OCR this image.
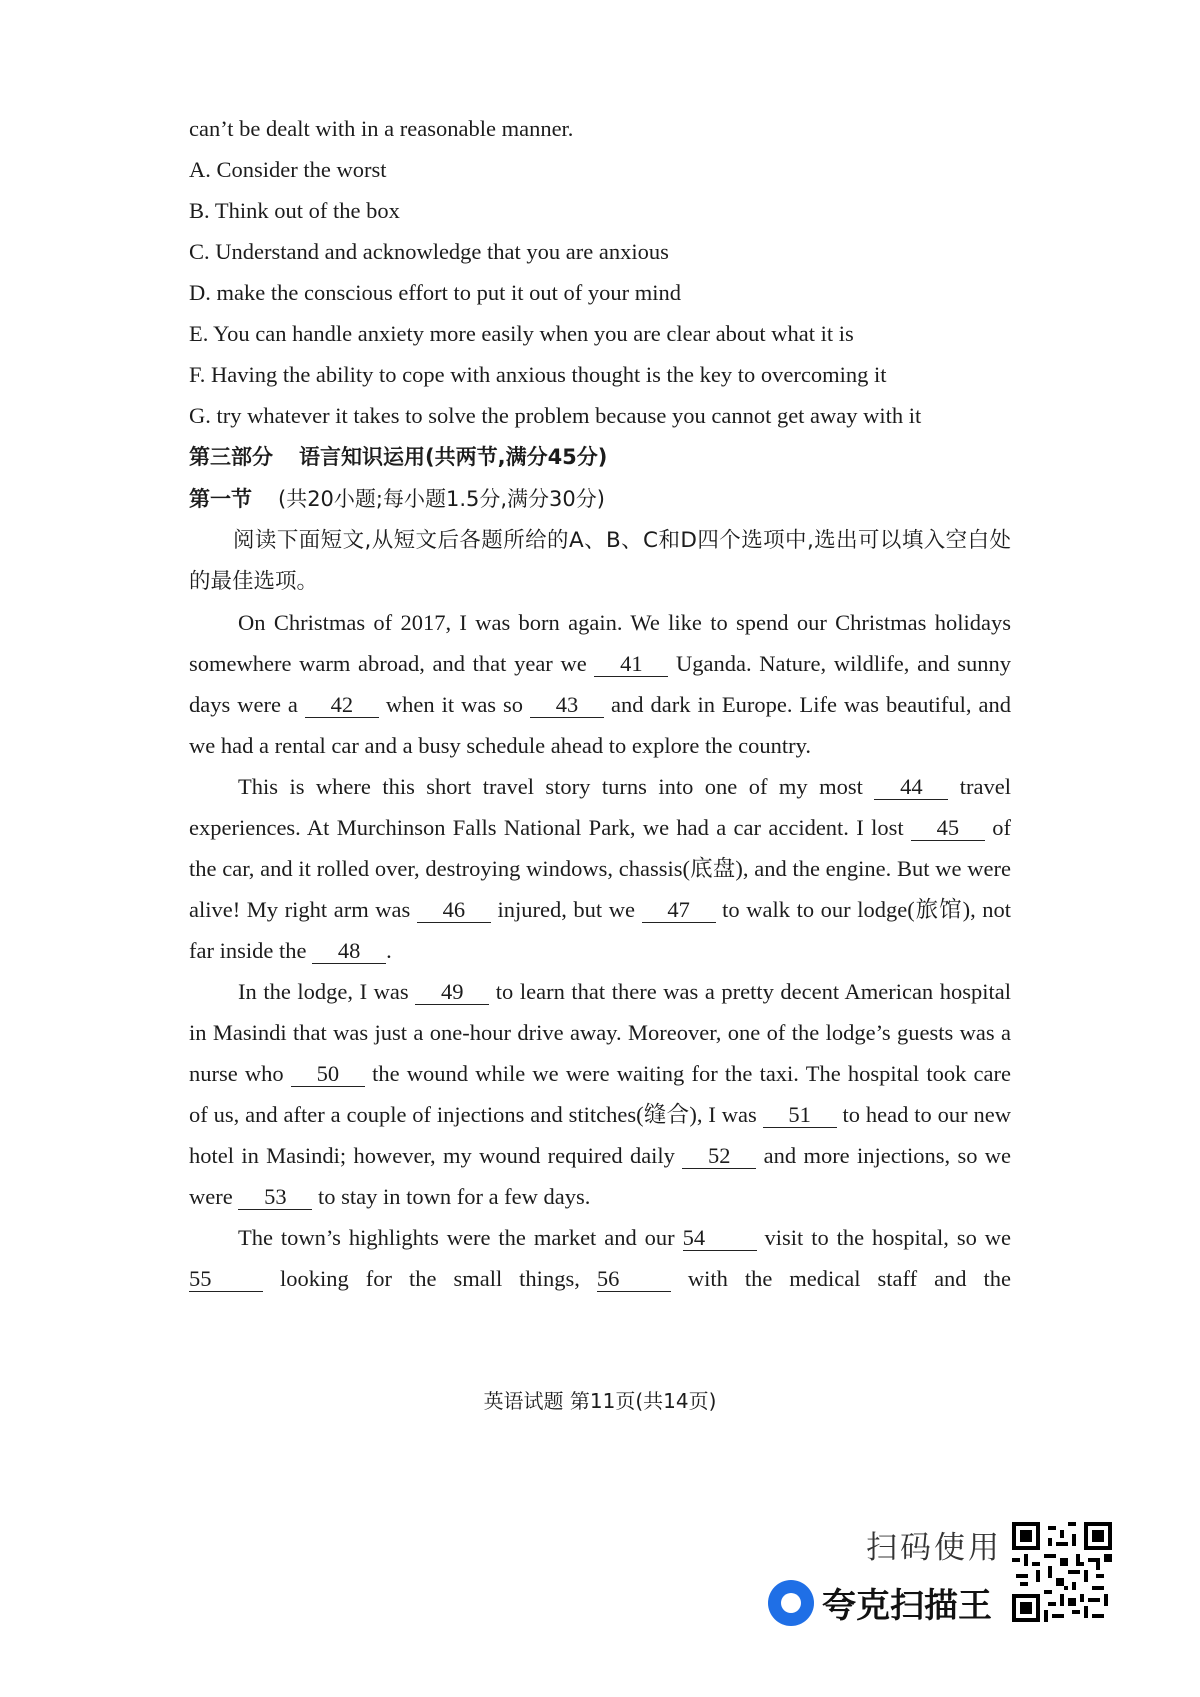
can’t be dealt with in a reasonable manner.
A. Consider the worst
B. Think out of the box
C. Understand and acknowledge that you are anxious
D. make the conscious effort to put it out of your mind
E. You can handle anxiety more easily when you are clear about what it is
F. Having the ability to cope with anxious thought is the key to overcoming it
G. try whatever it takes to solve the problem because you cannot get away with it
第三部分 语言知识运用(共两节,满分45分)
第一节 (共20小题;每小题1.5分,满分30分)
阅读下面短文,从短文后各题所给的A、B、C和D四个选项中,选出可以填入空白处的最佳选项。
On Christmas of 2017, I was born again. We like to spend our Christmas holidays somewhere warm abroad, and that year we 41 Uganda. Nature, wildlife, and sunny days were a 42 when it was so 43 and dark in Europe. Life was beautiful, and we had a rental car and a busy schedule ahead to explore the country.
This is where this short travel story turns into one of my most 44 travel experiences. At Murchinson Falls National Park, we had a car accident. I lost 45 of the car, and it rolled over, destroying windows, chassis(底盘), and the engine. But we were alive! My right arm was 46 injured, but we 47 to walk to our lodge(旅馆), not far inside the 48 .
In the lodge, I was 49 to learn that there was a pretty decent American hospital in Masindi that was just a one-hour drive away. Moreover, one of the lodge’s guests was a nurse who 50 the wound while we were waiting for the taxi. The hospital took care of us, and after a couple of injections and stitches(缝合), I was 51 to head to our new hotel in Masindi; however, my wound required daily 52 and more injections, so we were 53 to stay in town for a few days.
The town’s highlights were the market and our 54	visit to the hospital, so we 55	looking for the small things, 56	with the medical staff and the
英语试题 第11页(共14页)
扫码使用
夸克扫描王
